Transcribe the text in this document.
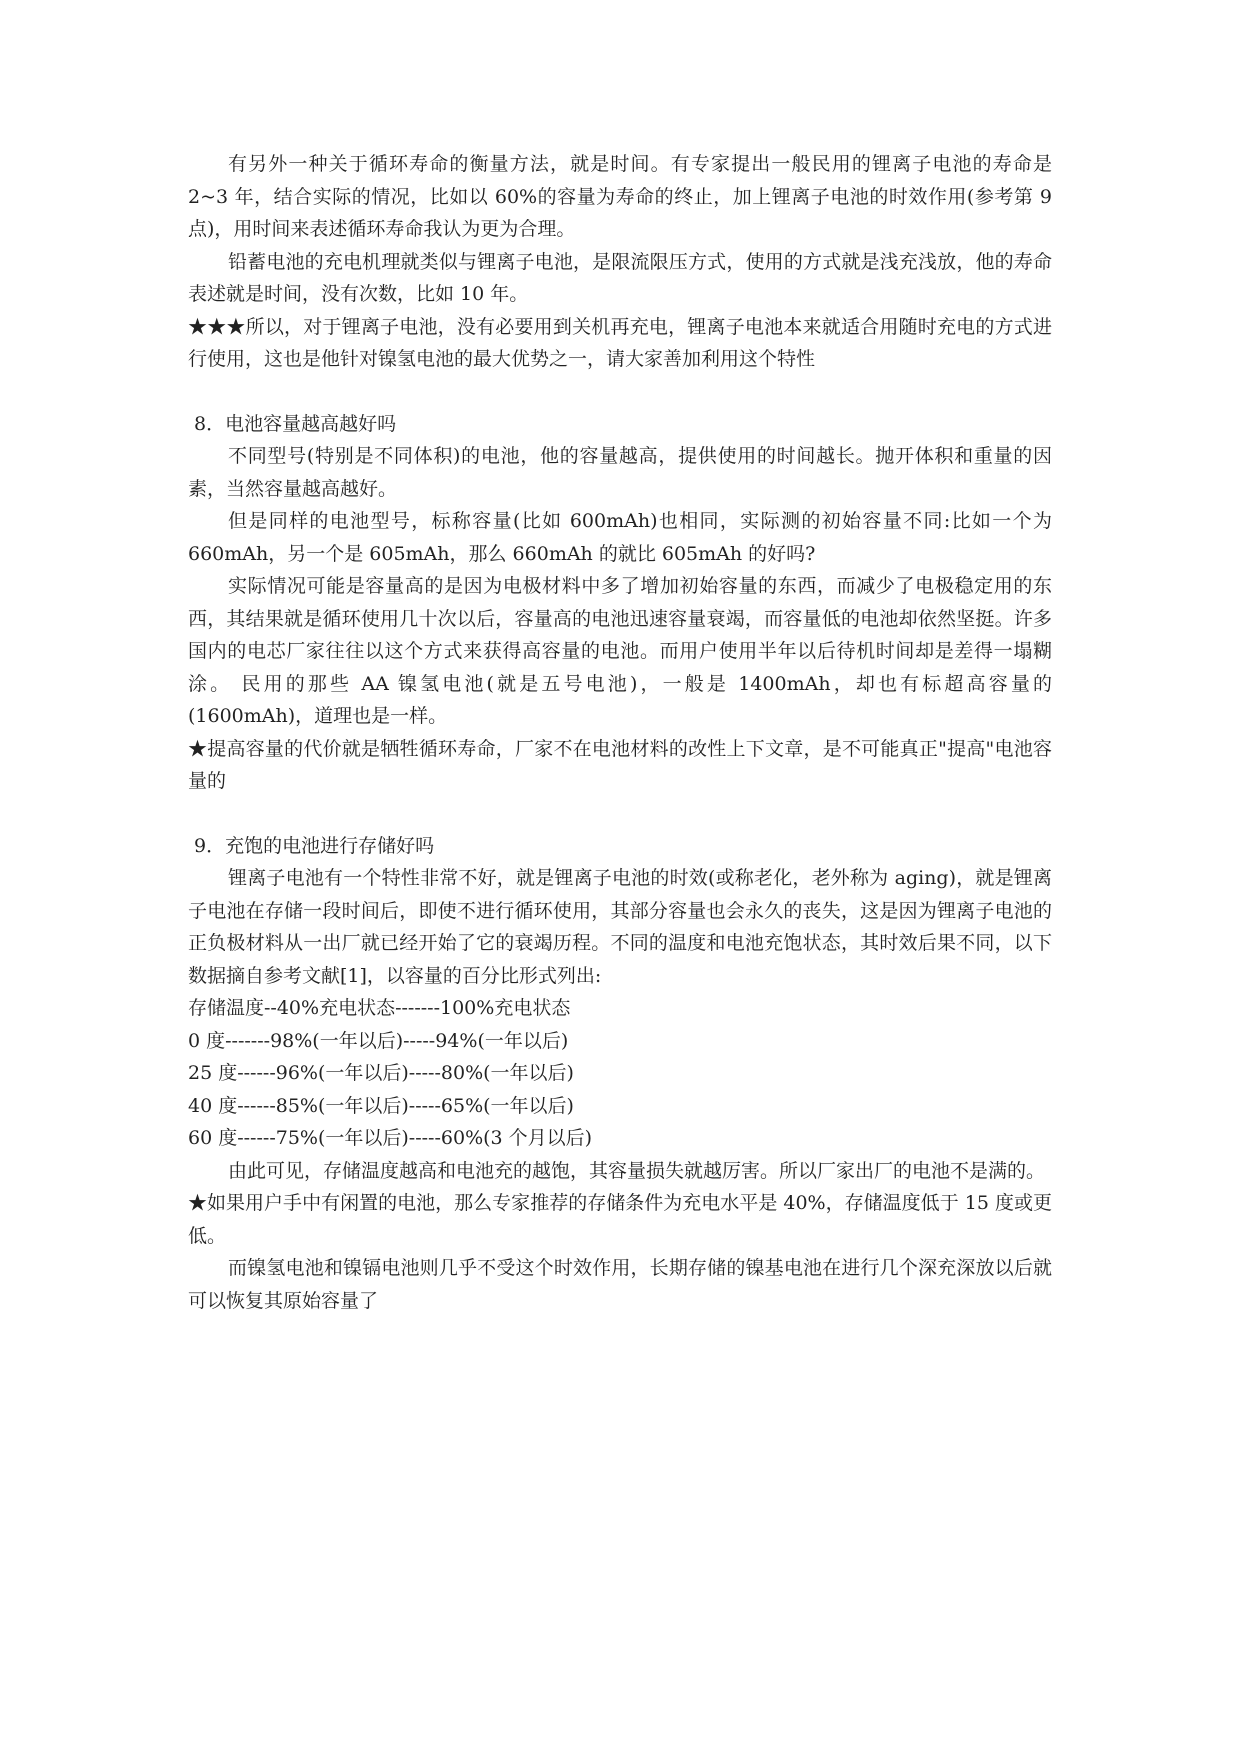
有另外一种关于循环寿命的衡量方法，就是时间。有专家提出一般民用的锂离子电池的寿命是 2~3 年，结合实际的情况，比如以 60%的容量为寿命的终止，加上锂离子电池的时效作用(参考第 9 点)，用时间来表述循环寿命我认为更为合理。

铅蓄电池的充电机理就类似与锂离子电池，是限流限压方式，使用的方式就是浅充浅放，他的寿命表述就是时间，没有次数，比如 10 年。

★★★所以，对于锂离子电池，没有必要用到关机再充电，锂离子电池本来就适合用随时充电的方式进行使用，这也是他针对镍氢电池的最大优势之一，请大家善加利用这个特性

8．电池容量越高越好吗

不同型号(特别是不同体积)的电池，他的容量越高，提供使用的时间越长。抛开体积和重量的因素，当然容量越高越好。

但是同样的电池型号，标称容量(比如 600mAh)也相同，实际测的初始容量不同:比如一个为 660mAh，另一个是 605mAh，那么 660mAh 的就比 605mAh 的好吗?

实际情况可能是容量高的是因为电极材料中多了增加初始容量的东西，而减少了电极稳定用的东西，其结果就是循环使用几十次以后，容量高的电池迅速容量衰竭，而容量低的电池却依然坚挺。许多国内的电芯厂家往往以这个方式来获得高容量的电池。而用户使用半年以后待机时间却是差得一塌糊涂。 民用的那些 AA 镍氢电池(就是五号电池)，一般是 1400mAh，却也有标超高容量的(1600mAh)，道理也是一样。

★提高容量的代价就是牺牲循环寿命，厂家不在电池材料的改性上下文章，是不可能真正"提高"电池容量的

9．充饱的电池进行存储好吗

锂离子电池有一个特性非常不好，就是锂离子电池的时效(或称老化，老外称为 aging)，就是锂离子电池在存储一段时间后，即使不进行循环使用，其部分容量也会永久的丧失，这是因为锂离子电池的正负极材料从一出厂就已经开始了它的衰竭历程。不同的温度和电池充饱状态，其时效后果不同，以下数据摘自参考文献[1]，以容量的百分比形式列出:

存储温度--40%充电状态-------100%充电状态

0 度-------98%(一年以后)-----94%(一年以后)

25 度------96%(一年以后)-----80%(一年以后)

40 度------85%(一年以后)-----65%(一年以后)

60 度------75%(一年以后)-----60%(3 个月以后)

由此可见，存储温度越高和电池充的越饱，其容量损失就越厉害。所以厂家出厂的电池不是满的。

★如果用户手中有闲置的电池，那么专家推荐的存储条件为充电水平是 40%，存储温度低于 15 度或更低。

而镍氢电池和镍镉电池则几乎不受这个时效作用，长期存储的镍基电池在进行几个深充深放以后就可以恢复其原始容量了
